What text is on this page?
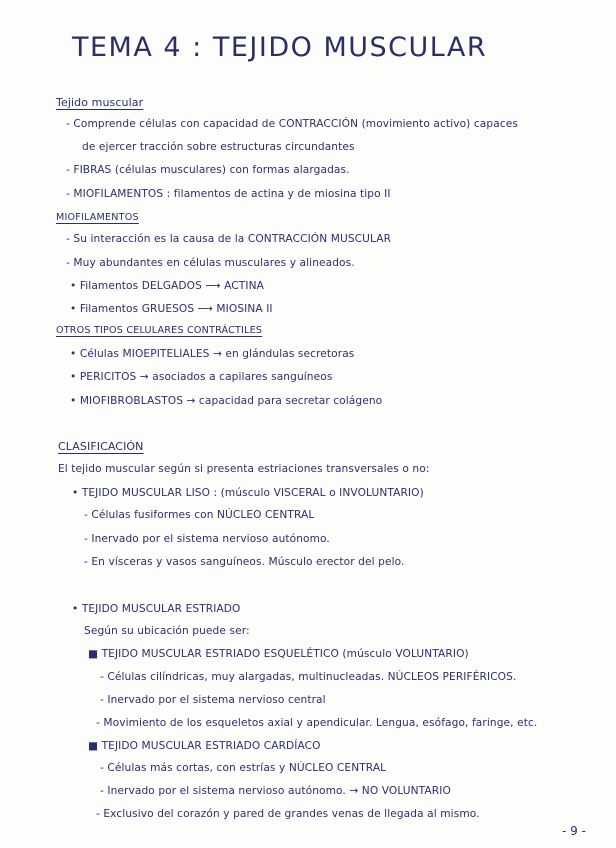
TEMA 4 : TEJIDO MUSCULAR
Tejido muscular
- Comprende células con capacidad de CONTRACCIÓN (movimiento activo) capaces
de ejercer tracción sobre estructuras circundantes
- FIBRAS (células musculares) con formas alargadas.
- MIOFILAMENTOS : filamentos de actina y de miosina tipo II
MIOFILAMENTOS
- Su interacción es la causa de la CONTRACCIÓN MUSCULAR
- Muy abundantes en células musculares y alineados.
• Filamentos DELGADOS ⟶ ACTINA
• Filamentos GRUESOS ⟶ MIOSINA II
OTROS TIPOS CELULARES CONTRÁCTILES
• Células MIOEPITELIALES → en glándulas secretoras
• PERICITOS → asociados a capilares sanguíneos
• MIOFIBROBLASTOS → capacidad para secretar colágeno
CLASIFICACIÓN
El tejido muscular según si presenta estriaciones transversales o no:
• TEJIDO MUSCULAR LISO : (músculo VISCERAL o INVOLUNTARIO)
- Células fusiformes con NÚCLEO CENTRAL
- Inervado por el sistema nervioso autónomo.
- En vísceras y vasos sanguíneos. Músculo erector del pelo.
• TEJIDO MUSCULAR ESTRIADO
Según su ubicación puede ser:
■ TEJIDO MUSCULAR ESTRIADO ESQUELÉTICO (músculo VOLUNTARIO)
- Células cilíndricas, muy alargadas, multinucleadas. NÚCLEOS PERIFÉRICOS.
- Inervado por el sistema nervioso central
- Movimiento de los esqueletos axial y apendicular. Lengua, esófago, faringe, etc.
■ TEJIDO MUSCULAR ESTRIADO CARDÍACO
- Células más cortas, con estrías y NÚCLEO CENTRAL
- Inervado por el sistema nervioso autónomo. → NO VOLUNTARIO
- Exclusivo del corazón y pared de grandes venas de llegada al mismo.
- 9 -
